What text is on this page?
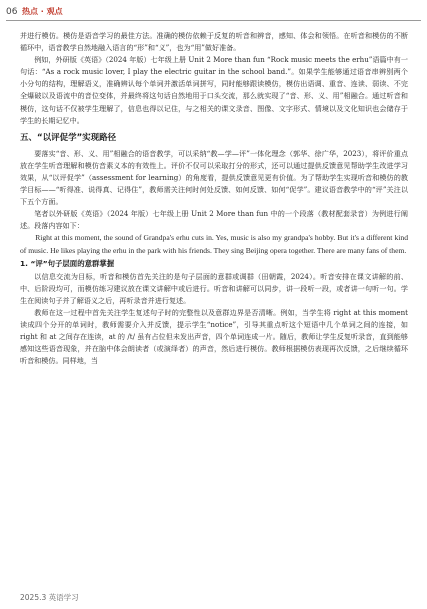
06 热点 · 观点

并进行模仿。模仿是语音学习的最佳方法。准确的模仿依赖于反复的听音和辨音，感知、体会和领悟。在听音和模仿的不断循环中，语音教学自然地融入语言的“形”和“义”，也为“用”做好准备。

例如，外研版《英语》（2024 年版）七年级上册 Unit 2 More than fun “Rock music meets the erhu”语篇中有一句话：“As a rock music lover, I play the electric guitar in the school band.”。如果学生能够通过语音串辨别两个小分句的结构，理解语义，准确辨认每个单词并激活单词拼写，同时能够跟读模仿，模仿出语调、重音、连读、弱读、不完全爆破以及语流中的音位变体，并最终将这句话自然地用于口头交流，那么就实现了“音、形、义、用”相融合。通过听音和模仿，这句话不仅被学生理解了，信息也得以记住，与之相关的课文录音、图像、文字形式、情境以及文化知识也会储存于学生的长期记忆中。

五、“以评促学”实现路径

要落实“音、形、义、用”相融合的语音教学，可以采纳“教—学—评”一体化理念（郭华、徐广华，2023），将评价重点放在学生听音理解和模仿音素义本的有效性上。评价不仅可以采取打分的形式，还可以通过提供反馈意见帮助学生改进学习效果，从“以评促学”（assessment for learning）的角度看，提供反馈意见更有价值。为了帮助学生实现听音和模仿的教学目标——“听得准、说得真、记得住”，教师需关注何时何处反馈、如何反馈、如何“促学”。建议语音教学中的“评”关注以下五个方面。

笔者以外研版《英语》（2024 年版）七年级上册 Unit 2 More than fun 中的一个段落（教材配套录音）为例进行阐述。段落内容如下：

Right at this moment, the sound of Grandpa's erhu cuts in. Yes, music is also my grandpa's hobby. But it's a different kind of music. He likes playing the erhu in the park with his friends. They sing Beijing opera together. There are many fans of them.

1. “评”句子层面的意群掌握

以信息交流为目标，听音和模仿首先关注的是句子层面的意群或调群（田朝霞，2024）。听音安排在课文讲解的前、中、后阶段均可，而模仿练习建议放在课文讲解中或后进行。听音和讲解可以同步，讲一段听一段，或者讲一句听一句。学生在阅读句子并了解语义之后，再听录音并进行复述。

教师在这一过程中首先关注学生复述句子时的完整性以及意群边界是否清晰。例如，当学生将 right at this moment 读成四个分开的单词时，教师需要介入并反馈，提示学生“notice”，引导其重点听这个短语中几个单词之间的连接，如 right 和 at 之间存在连读，at 的 /t/ 虽有占位但未发出声音，四个单词连成一片。随后，教师让学生反复听录音，直到能够感知这些语音现象，并在脑中体会朗读者（或演绎者）的声音，然后进行模仿。教师根据模仿表现再次反馈，之后继续循环听音和模仿。同样地，当

2025.3 英语学习
